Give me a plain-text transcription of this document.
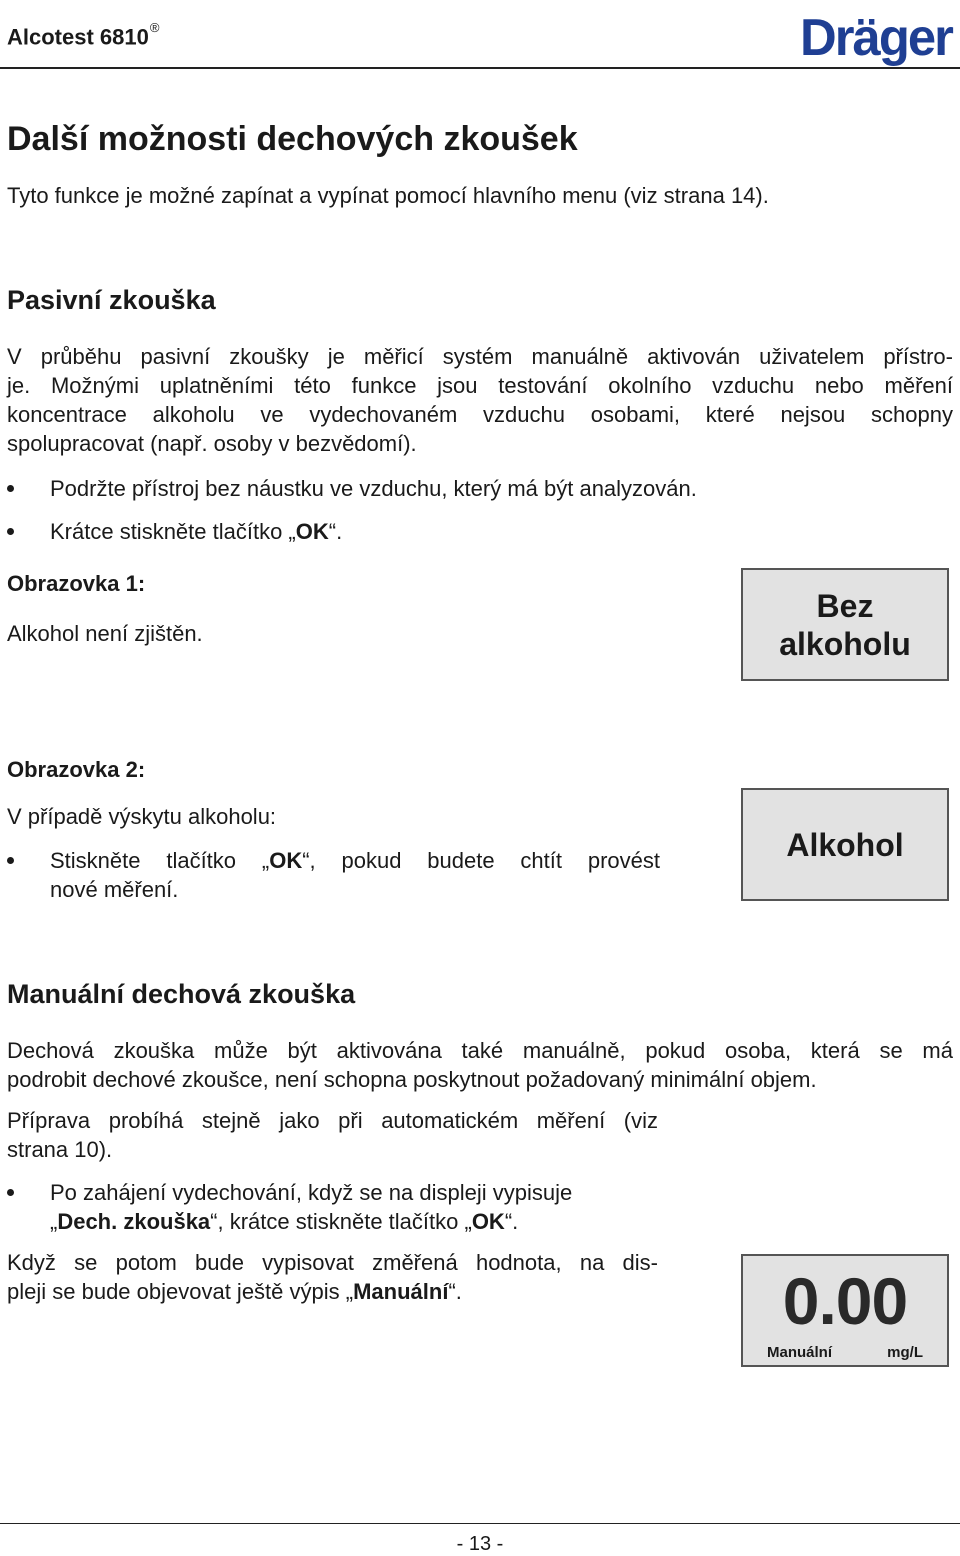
Alcotest 6810®	Dräger
Další možnosti dechových zkoušek
Tyto funkce je možné zapínat a vypínat pomocí hlavního menu (viz strana 14).
Pasivní zkouška
V průběhu pasivní zkoušky je měřicí systém manuálně aktivován uživatelem přístro-
je. Možnými uplatněními této funkce jsou testování okolního vzduchu nebo měření
koncentrace alkoholu ve vydechovaném vzduchu osobami, které nejsou schopny
spolupracovat (např. osoby v bezvědomí).
Podržte přístroj bez náustku ve vzduchu, který má být analyzován.
Krátce stiskněte tlačítko „OK“.
Obrazovka 1:
Alkohol není zjištěn.
Bez
alkoholu
Obrazovka 2:
V případě výskytu alkoholu:
Stiskněte tlačítko „OK“, pokud budete chtít provést
nové měření.
Alkohol
Manuální dechová zkouška
Dechová zkouška může být aktivována také manuálně, pokud osoba, která se má
podrobit dechové zkoušce, není schopna poskytnout požadovaný minimální objem.
Příprava probíhá stejně jako při automatickém měření (viz
strana 10).
Po zahájení vydechování, když se na displeji vypisuje
„Dech. zkouška“, krátce stiskněte tlačítko „OK“.
Když se potom bude vypisovat změřená hodnota, na dis-
pleji se bude objevovat ještě výpis „Manuální“.	0.00
Manuální	mg/L
- 13 -
